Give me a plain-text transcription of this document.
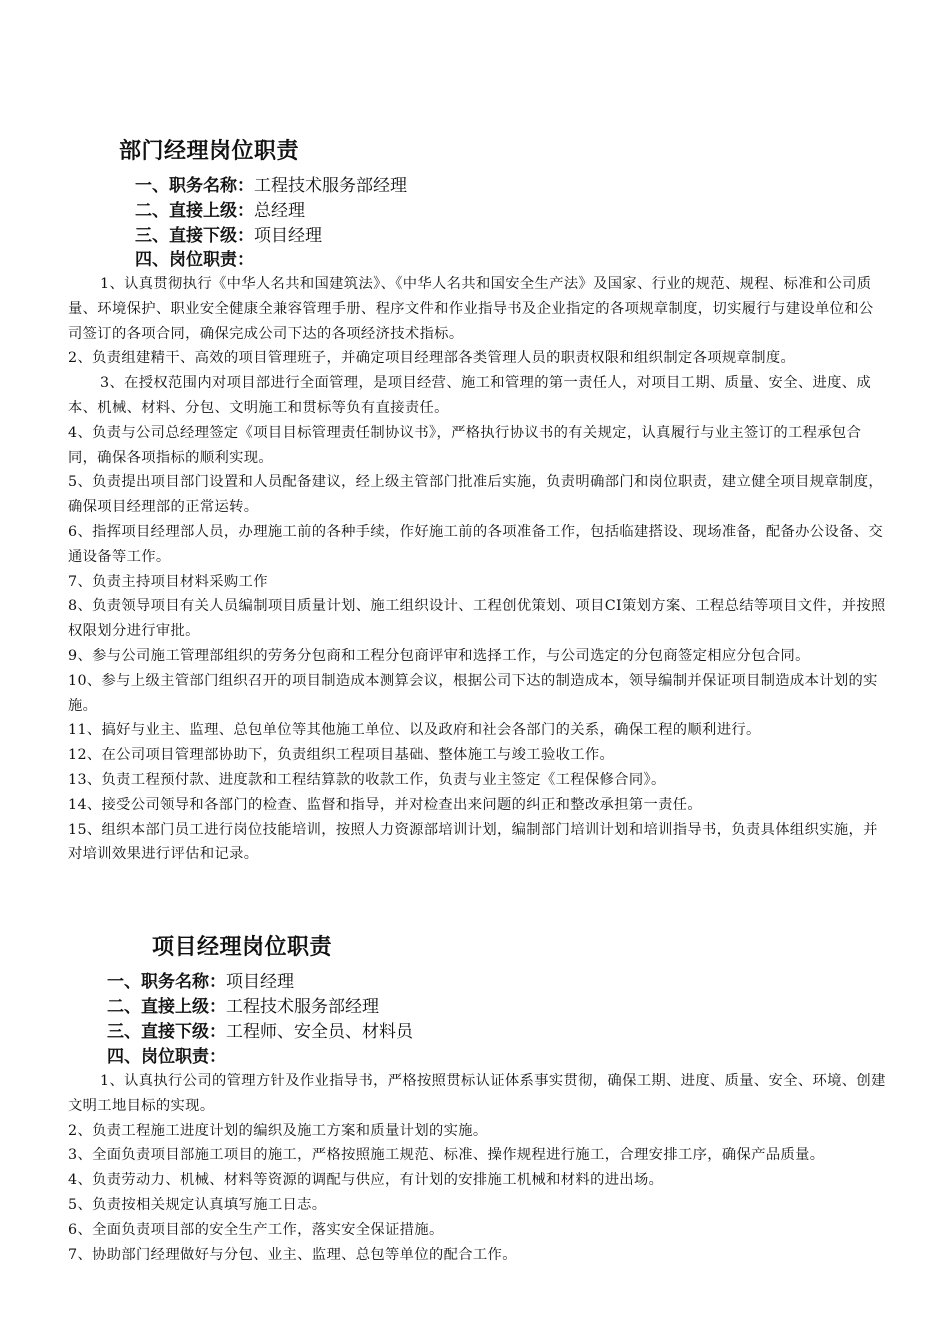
部门经理岗位职责
一、职务名称：工程技术服务部经理
二、直接上级：总经理
三、直接下级：项目经理
四、岗位职责：

1、认真贯彻执行《中华人名共和国建筑法》、《中华人名共和国安全生产法》及国家、行业的规范、规程、标准和公司质量、环境保护、职业安全健康全兼容管理手册、程序文件和作业指导书及企业指定的各项规章制度，切实履行与建设单位和公司签订的各项合同，确保完成公司下达的各项经济技术指标。

2、负责组建精干、高效的项目管理班子，并确定项目经理部各类管理人员的职责权限和组织制定各项规章制度。

3、在授权范围内对项目部进行全面管理，是项目经营、施工和管理的第一责任人，对项目工期、质量、安全、进度、成本、机械、材料、分包、文明施工和贯标等负有直接责任。

4、负责与公司总经理签定《项目目标管理责任制协议书》，严格执行协议书的有关规定，认真履行与业主签订的工程承包合同，确保各项指标的顺利实现。

5、负责提出项目部门设置和人员配备建议，经上级主管部门批准后实施，负责明确部门和岗位职责，建立健全项目规章制度，确保项目经理部的正常运转。

6、指挥项目经理部人员，办理施工前的各种手续，作好施工前的各项准备工作，包括临建搭设、现场准备，配备办公设备、交通设备等工作。

7、负责主持项目材料采购工作

8、负责领导项目有关人员编制项目质量计划、施工组织设计、工程创优策划、项目CI策划方案、工程总结等项目文件，并按照权限划分进行审批。

9、参与公司施工管理部组织的劳务分包商和工程分包商评审和选择工作，与公司选定的分包商签定相应分包合同。

10、参与上级主管部门组织召开的项目制造成本测算会议，根据公司下达的制造成本，领导编制并保证项目制造成本计划的实施。

11、搞好与业主、监理、总包单位等其他施工单位、以及政府和社会各部门的关系，确保工程的顺利进行。

12、在公司项目管理部协助下，负责组织工程项目基础、整体施工与竣工验收工作。

13、负责工程预付款、进度款和工程结算款的收款工作，负责与业主签定《工程保修合同》。

14、接受公司领导和各部门的检查、监督和指导，并对检查出来问题的纠正和整改承担第一责任。

15、组织本部门员工进行岗位技能培训，按照人力资源部培训计划，编制部门培训计划和培训指导书，负责具体组织实施，并对培训效果进行评估和记录。

项目经理岗位职责
一、职务名称：项目经理
二、直接上级：工程技术服务部经理
三、直接下级：工程师、安全员、材料员
四、岗位职责：

1、认真执行公司的管理方针及作业指导书，严格按照贯标认证体系事实贯彻，确保工期、进度、质量、安全、环境、创建文明工地目标的实现。

2、负责工程施工进度计划的编织及施工方案和质量计划的实施。

3、全面负责项目部施工项目的施工，严格按照施工规范、标准、操作规程进行施工，合理安排工序，确保产品质量。

4、负责劳动力、机械、材料等资源的调配与供应，有计划的安排施工机械和材料的进出场。

5、负责按相关规定认真填写施工日志。

6、全面负责项目部的安全生产工作，落实安全保证措施。

7、协助部门经理做好与分包、业主、监理、总包等单位的配合工作。
